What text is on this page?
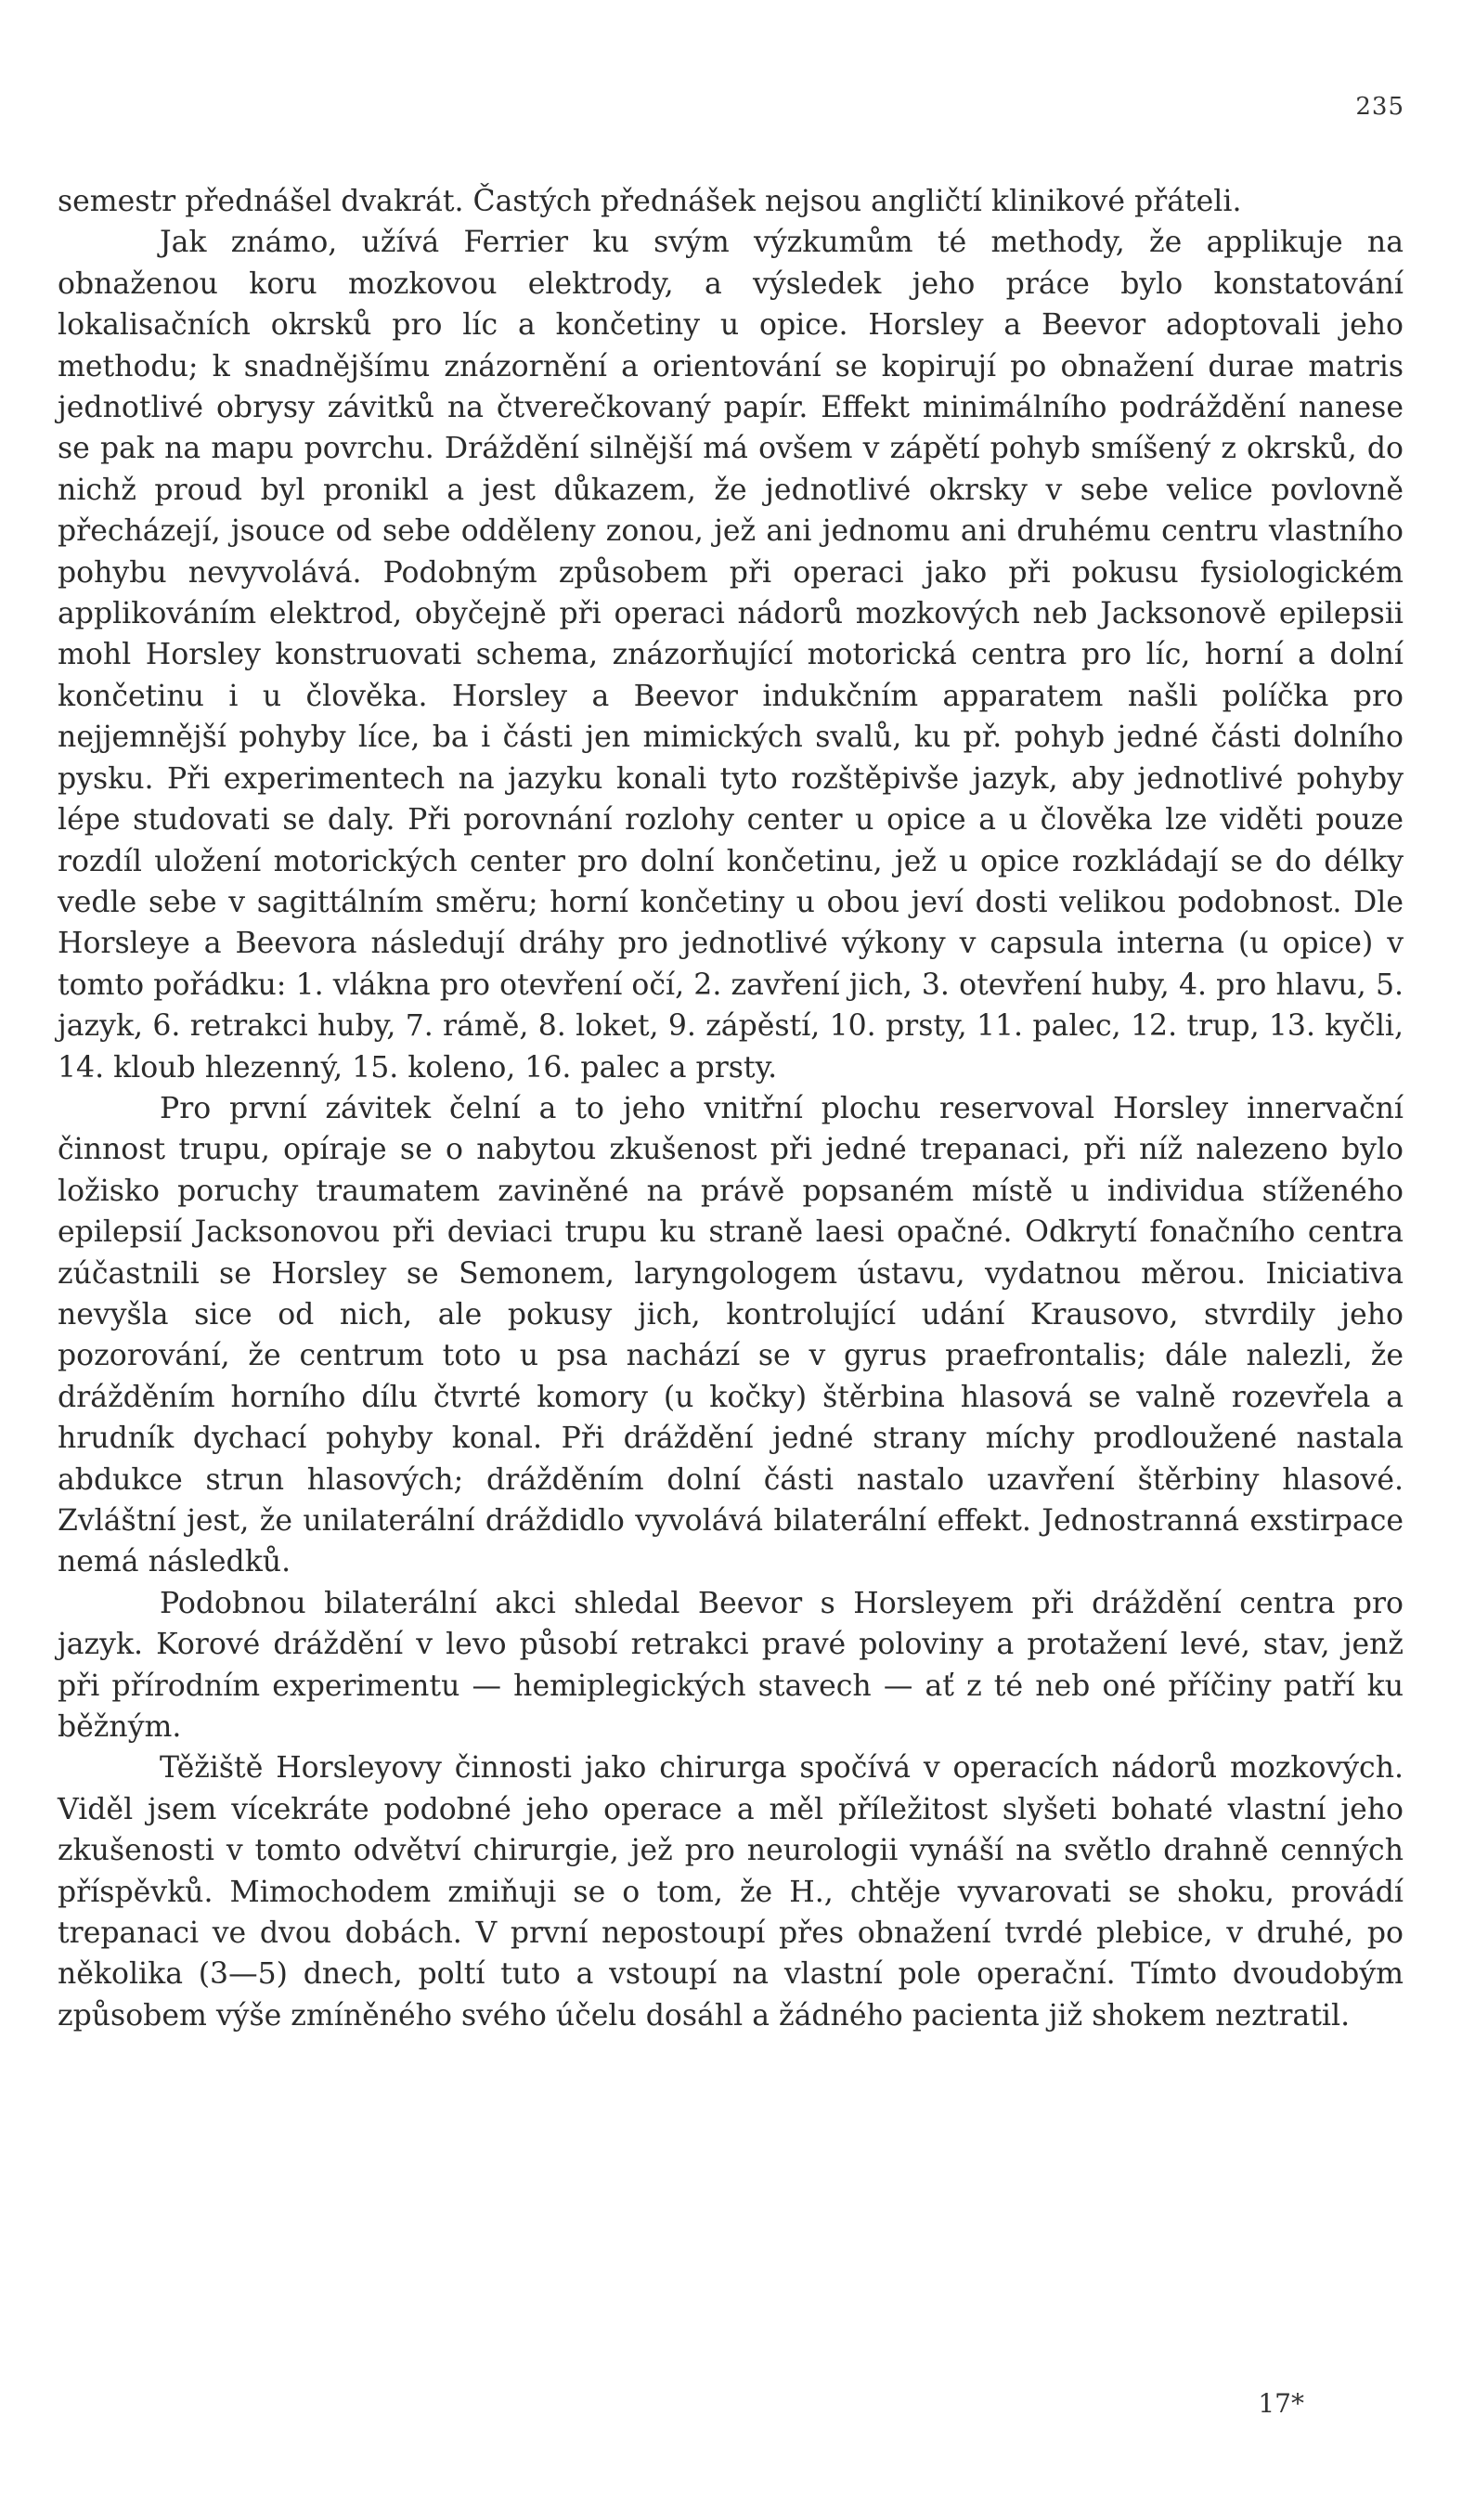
235

semestr přednášel dvakrát. Častých přednášek nejsou angličtí klinikové přáteli.

Jak známo, užívá Ferrier ku svým výzkumům té methody, že applikuje na obnaženou koru mozkovou elektrody, a výsledek jeho práce bylo konstatování lokalisačních okrsků pro líc a končetiny u opice. Horsley a Beevor adoptovali jeho methodu; k snadnějšímu znázornění a orientování se kopirují po obnažení durae matris jednotlivé obrysy závitků na čtverečkovaný papír. Effekt minimálního podráždění nanese se pak na mapu povrchu. Dráždění silnější má ovšem v zápětí pohyb smíšený z okrsků, do nichž proud byl pronikl a jest důkazem, že jednotlivé okrsky v sebe velice povlovně přecházejí, jsouce od sebe odděleny zonou, jež ani jednomu ani druhému centru vlastního pohybu nevyvolává. Podobným způsobem při operaci jako při pokusu fysiologickém applikováním elektrod, obyčejně při operaci nádorů mozkových neb Jacksonově epilepsii mohl Horsley konstruovati schema, znázorňující motorická centra pro líc, horní a dolní končetinu i u člověka. Horsley a Beevor indukčním apparatem našli políčka pro nejjemnější pohyby líce, ba i části jen mimických svalů, ku př. pohyb jedné části dolního pysku. Při experimentech na jazyku konali tyto rozštěpivše jazyk, aby jednotlivé pohyby lépe studovati se daly. Při porovnání rozlohy center u opice a u člověka lze viděti pouze rozdíl uložení motorických center pro dolní končetinu, jež u opice rozkládají se do délky vedle sebe v sagittálním směru; horní končetiny u obou jeví dosti velikou podobnost. Dle Horsleye a Beevora následují dráhy pro jednotlivé výkony v capsula interna (u opice) v tomto pořádku: 1. vlákna pro otevření očí, 2. zavření jich, 3. otevření huby, 4. pro hlavu, 5. jazyk, 6. retrakci huby, 7. rámě, 8. loket, 9. zápěstí, 10. prsty, 11. palec, 12. trup, 13. kyčli, 14. kloub hlezenný, 15. koleno, 16. palec a prsty.

Pro první závitek čelní a to jeho vnitřní plochu reservoval Horsley innervační činnost trupu, opíraje se o nabytou zkušenost při jedné trepanaci, při níž nalezeno bylo ložisko poruchy traumatem zaviněné na právě popsaném místě u individua stíženého epilepsií Jacksonovou při deviaci trupu ku straně laesi opačné. Odkrytí fonačního centra zúčastnili se Horsley se Semonem, laryngologem ústavu, vydatnou měrou. Iniciativa nevyšla sice od nich, ale pokusy jich, kontrolující udání Krausovo, stvrdily jeho pozorování, že centrum toto u psa nachází se v gyrus praefrontalis; dále nalezli, že drážděním horního dílu čtvrté komory (u kočky) štěrbina hlasová se valně rozevřela a hrudník dychací pohyby konal. Při dráždění jedné strany míchy prodloužené nastala abdukce strun hlasových; drážděním dolní části nastalo uzavření štěrbiny hlasové. Zvláštní jest, že unilaterální dráždidlo vyvolává bilaterální effekt. Jednostranná exstirpace nemá následků.

Podobnou bilaterální akci shledal Beevor s Horsleyem při dráždění centra pro jazyk. Korové dráždění v levo působí retrakci pravé poloviny a protažení levé, stav, jenž při přírodním experimentu — hemiplegických stavech — ať z té neb oné příčiny patří ku běžným.

Těžiště Horsleyovy činnosti jako chirurga spočívá v operacích nádorů mozkových. Viděl jsem vícekráte podobné jeho operace a měl příležitost slyšeti bohaté vlastní jeho zkušenosti v tomto odvětví chirurgie, jež pro neurologii vynáší na světlo drahně cenných příspěvků. Mimochodem zmiňuji se o tom, že H., chtěje vyvarovati se shoku, provádí trepanaci ve dvou dobách. V první nepostoupí přes obnažení tvrdé plebice, v druhé, po několika (3—5) dnech, poltí tuto a vstoupí na vlastní pole operační. Tímto dvoudobým způsobem výše zmíněného svého účelu dosáhl a žádného pacienta již shokem neztratil.

17*
